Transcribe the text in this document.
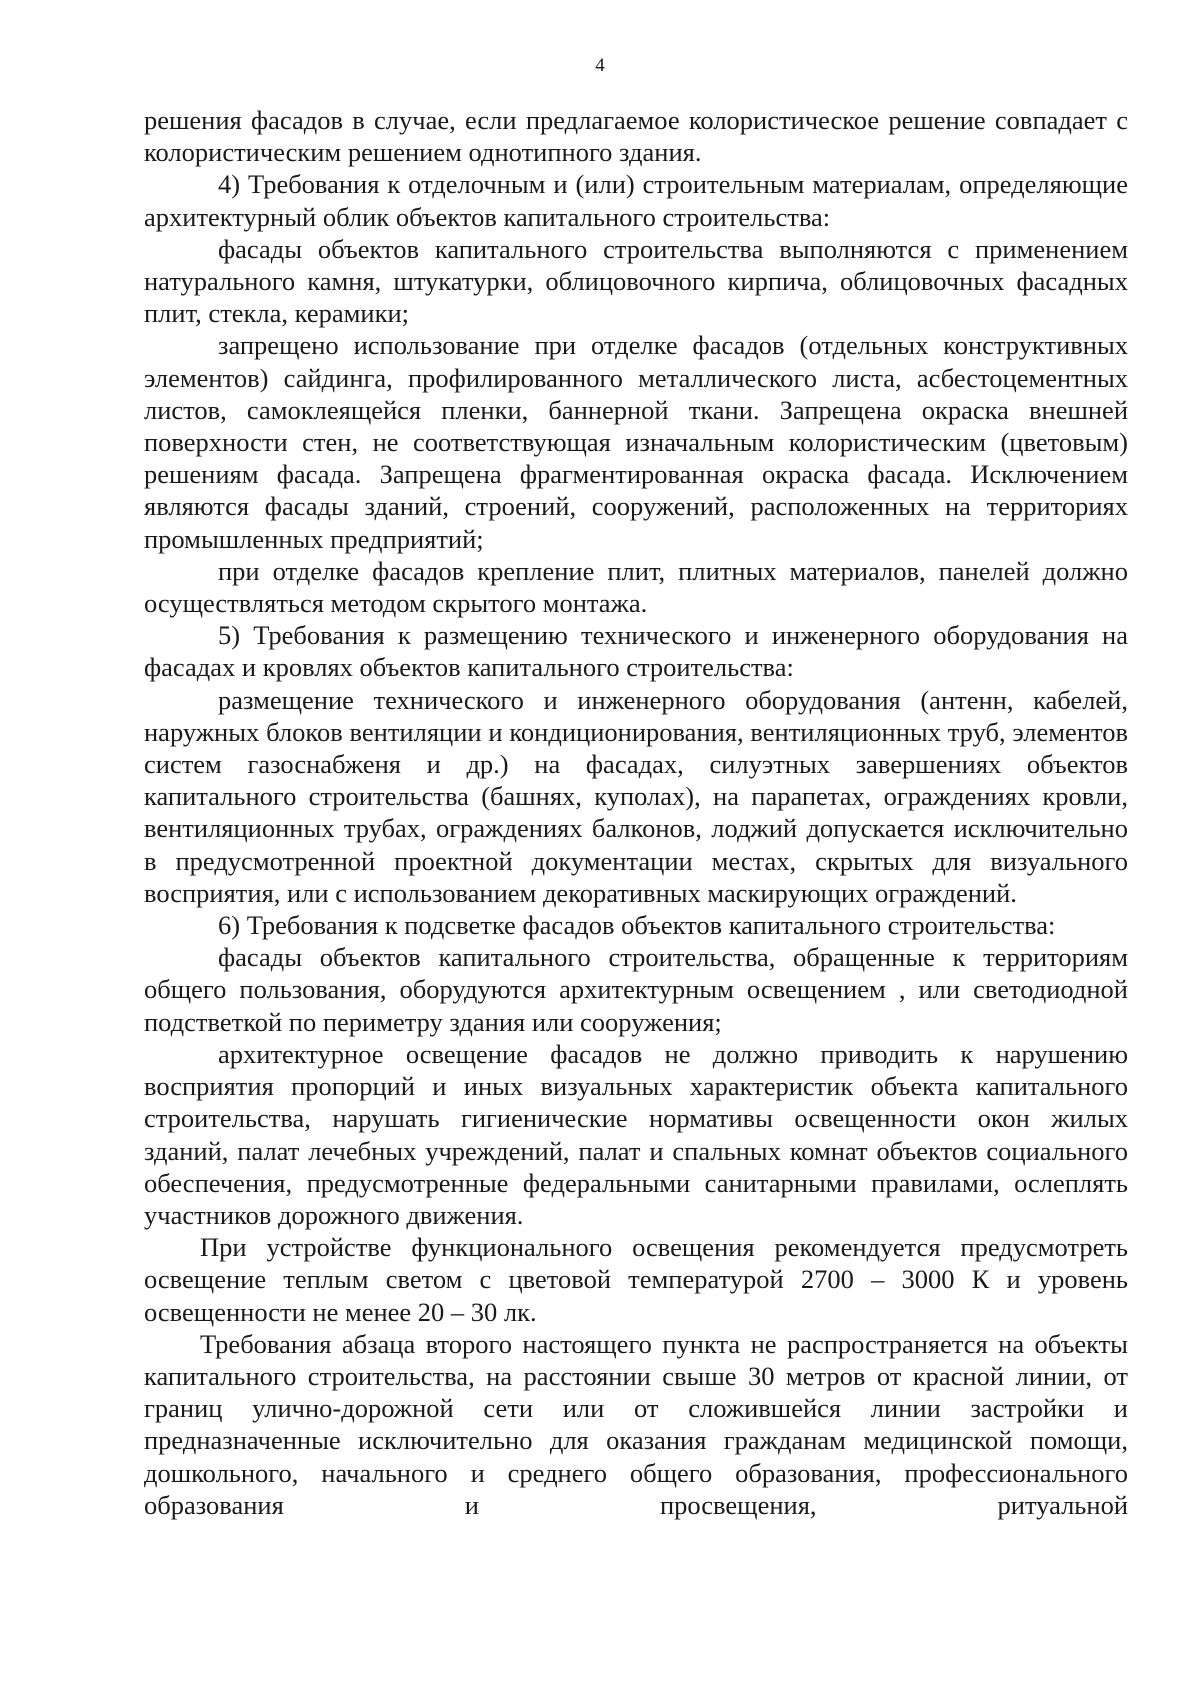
4

решения фасадов в случае, если предлагаемое колористическое решение совпадает с колористическим решением однотипного здания.

4) Требования к отделочным и (или) строительным материалам, определяющие архитектурный облик объектов капитального строительства:

фасады объектов капитального строительства выполняются с применением натурального камня, штукатурки, облицовочного кирпича, облицовочных фасадных плит, стекла, керамики;

запрещено использование при отделке фасадов (отдельных конструктивных элементов) сайдинга, профилированного металлического листа, асбестоцементных листов, самоклеящейся пленки, баннерной ткани. Запрещена окраска внешней поверхности стен, не соответствующая изначальным колористическим (цветовым) решениям фасада. Запрещена фрагментированная окраска фасада. Исключением являются фасады зданий, строений, сооружений, расположенных на территориях промышленных предприятий;

при отделке фасадов крепление плит, плитных материалов, панелей должно осуществляться методом скрытого монтажа.

5) Требования к размещению технического и инженерного оборудования на фасадах и кровлях объектов капитального строительства:

размещение технического и инженерного оборудования (антенн, кабелей, наружных блоков вентиляции и кондиционирования, вентиляционных труб, элементов систем газоснабженя и др.) на фасадах, силуэтных завершениях объектов капитального строительства (башнях, куполах), на парапетах, ограждениях кровли, вентиляционных трубах, ограждениях балконов, лоджий допускается исключительно в предусмотренной проектной документации местах, скрытых для визуального восприятия, или с использованием декоративных маскирующих ограждений.

6) Требования к подсветке фасадов объектов капитального строительства:

фасады объектов капитального строительства, обращенные к территориям общего пользования, оборудуются архитектурным освещением , или светодиодной подстветкой по периметру здания или сооружения;

архитектурное освещение фасадов не должно приводить к нарушению восприятия пропорций и иных визуальных характеристик объекта капитального строительства, нарушать гигиенические нормативы освещенности окон жилых зданий, палат лечебных учреждений, палат и спальных комнат объектов социального обеспечения, предусмотренные федеральными санитарными правилами, ослеплять участников дорожного движения.

При устройстве функционального освещения рекомендуется предусмотреть освещение теплым светом с цветовой температурой 2700 – 3000 К и уровень освещенности не менее 20 – 30 лк.

Требования абзаца второго настоящего пункта не распространяется на объекты капитального строительства, на расстоянии свыше 30 метров от красной линии, от границ улично-дорожной сети или от сложившейся линии застройки и предназначенные исключительно для оказания гражданам медицинской помощи, дошкольного, начального и среднего общего образования, профессионального образования и просвещения, ритуальной
